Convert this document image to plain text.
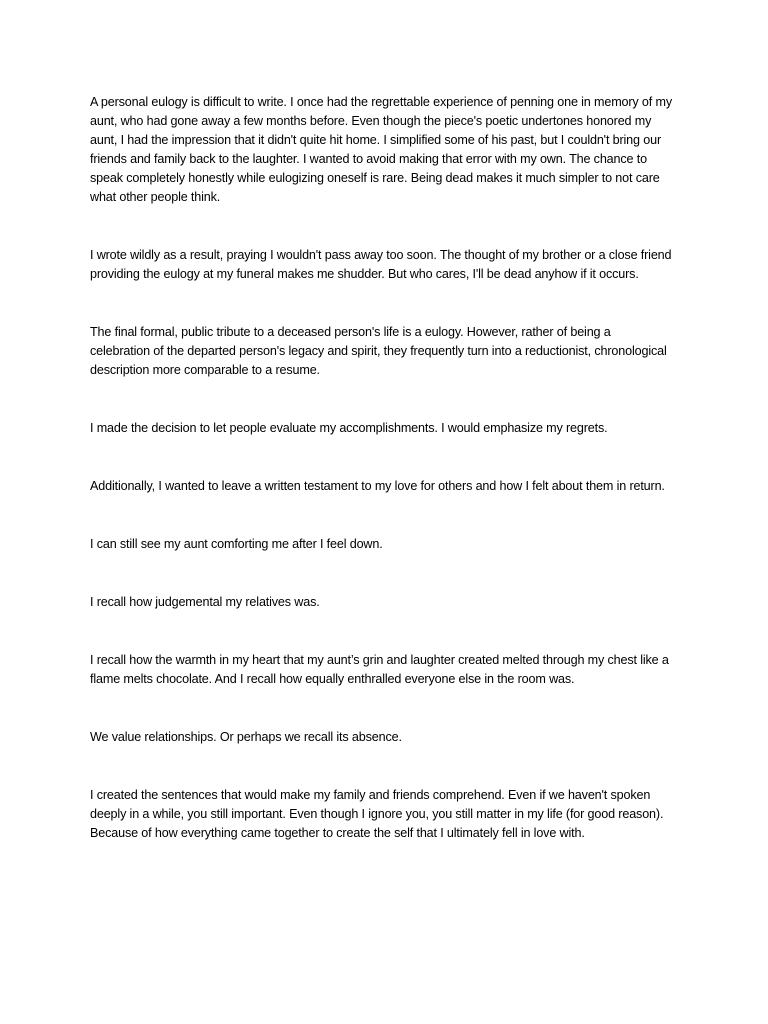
A personal eulogy is difficult to write. I once had the regrettable experience of penning one in memory of my aunt, who had gone away a few months before. Even though the piece's poetic undertones honored my aunt, I had the impression that it didn't quite hit home. I simplified some of his past, but I couldn't bring our friends and family back to the laughter. I wanted to avoid making that error with my own. The chance to speak completely honestly while eulogizing oneself is rare. Being dead makes it much simpler to not care what other people think.

I wrote wildly as a result, praying I wouldn't pass away too soon. The thought of my brother or a close friend providing the eulogy at my funeral makes me shudder. But who cares, I'll be dead anyhow if it occurs.

The final formal, public tribute to a deceased person's life is a eulogy. However, rather of being a celebration of the departed person's legacy and spirit, they frequently turn into a reductionist, chronological description more comparable to a resume.

I made the decision to let people evaluate my accomplishments. I would emphasize my regrets.

Additionally, I wanted to leave a written testament to my love for others and how I felt about them in return.

I can still see my aunt comforting me after I feel down.

I recall how judgemental my relatives was.

I recall how the warmth in my heart that my aunt’s grin and laughter created melted through my chest like a flame melts chocolate. And I recall how equally enthralled everyone else in the room was.

We value relationships. Or perhaps we recall its absence.

I created the sentences that would make my family and friends comprehend. Even if we haven't spoken deeply in a while, you still important. Even though I ignore you, you still matter in my life (for good reason). Because of how everything came together to create the self that I ultimately fell in love with.
